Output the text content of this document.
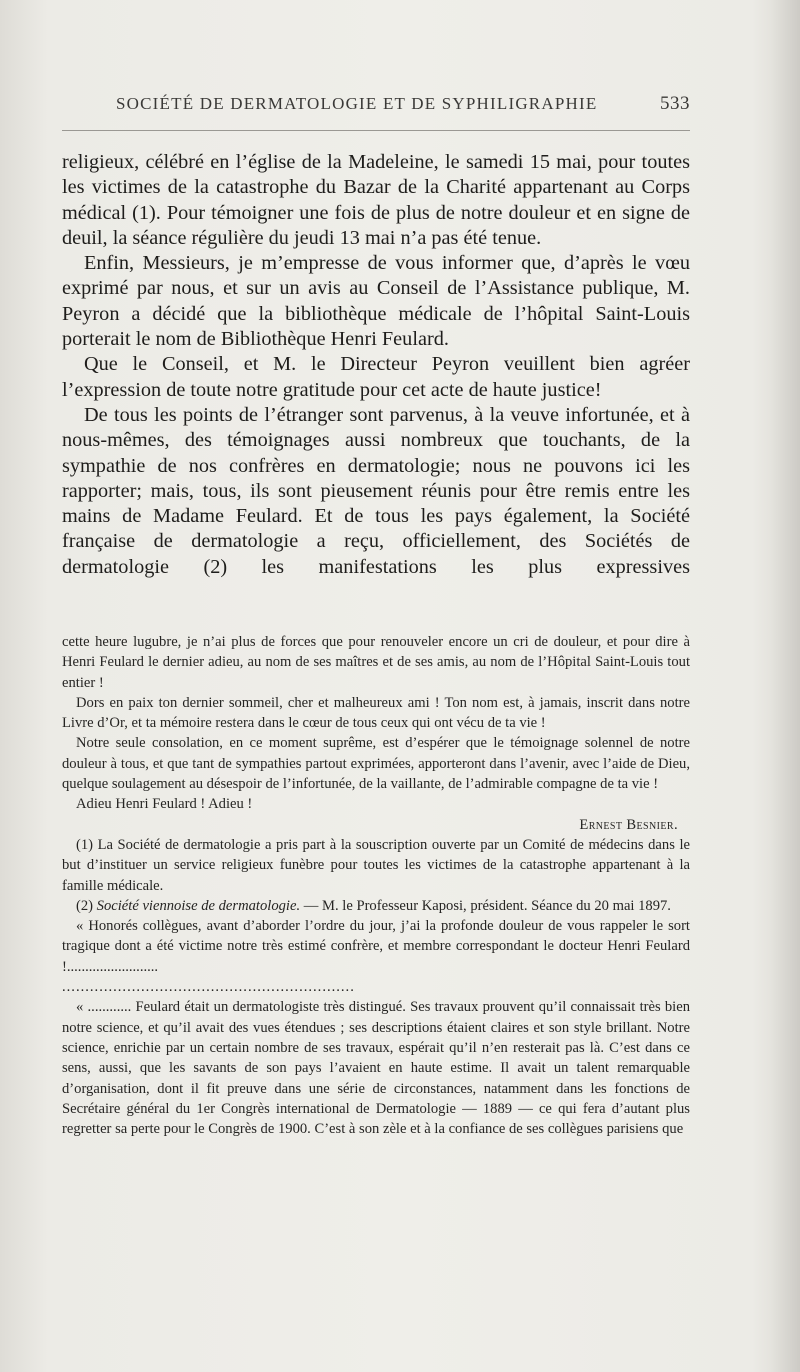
SOCIÉTÉ DE DERMATOLOGIE ET DE SYPHILIGRAPHIE	533

religieux, célébré en l’église de la Madeleine, le samedi 15 mai, pour toutes les victimes de la catastrophe du Bazar de la Charité appartenant au Corps médical (1). Pour témoigner une fois de plus de notre douleur et en signe de deuil, la séance régulière du jeudi 13 mai n’a pas été tenue.

Enfin, Messieurs, je m’empresse de vous informer que, d’après le vœu exprimé par nous, et sur un avis au Conseil de l’Assistance publique, M. Peyron a décidé que la bibliothèque médicale de l’hôpital Saint-Louis porterait le nom de Bibliothèque Henri Feulard.

Que le Conseil, et M. le Directeur Peyron veuillent bien agréer l’expression de toute notre gratitude pour cet acte de haute justice!

De tous les points de l’étranger sont parvenus, à la veuve infortunée, et à nous-mêmes, des témoignages aussi nombreux que touchants, de la sympathie de nos confrères en dermatologie; nous ne pouvons ici les rapporter; mais, tous, ils sont pieusement réunis pour être remis entre les mains de Madame Feulard. Et de tous les pays également, la Société française de dermatologie a reçu, officiellement, des Sociétés de dermatologie (2) les manifestations les plus expressives

cette heure lugubre, je n’ai plus de forces que pour renouveler encore un cri de douleur, et pour dire à Henri Feulard le dernier adieu, au nom de ses maîtres et de ses amis, au nom de l’Hôpital Saint-Louis tout entier !

Dors en paix ton dernier sommeil, cher et malheureux ami ! Ton nom est, à jamais, inscrit dans notre Livre d’Or, et ta mémoire restera dans le cœur de tous ceux qui ont vécu de ta vie !

Notre seule consolation, en ce moment suprême, est d’espérer que le témoignage solennel de notre douleur à tous, et que tant de sympathies partout exprimées, apporteront dans l’avenir, avec l’aide de Dieu, quelque soulagement au désespoir de l’infortunée, de la vaillante, de l’admirable compagne de ta vie !

Adieu Henri Feulard ! Adieu !

Ernest Besnier.

(1) La Société de dermatologie a pris part à la souscription ouverte par un Comité de médecins dans le but d’instituer un service religieux funèbre pour toutes les victimes de la catastrophe appartenant à la famille médicale.

(2) Société viennoise de dermatologie. — M. le Professeur Kaposi, président. Séance du 20 mai 1897.

« Honorés collègues, avant d’aborder l’ordre du jour, j’ai la profonde douleur de vous rappeler le sort tragique dont a été victime notre très estimé confrère, et membre correspondant le docteur Henri Feulard !.........................

...............................................................

« ............ Feulard était un dermatologiste très distingué. Ses travaux prouvent qu’il connaissait très bien notre science, et qu’il avait des vues étendues ; ses descriptions étaient claires et son style brillant. Notre science, enrichie par un certain nombre de ses travaux, espérait qu’il n’en resterait pas là. C’est dans ce sens, aussi, que les savants de son pays l’avaient en haute estime. Il avait un talent remarquable d’organisation, dont il fit preuve dans une série de circonstances, natamment dans les fonctions de Secrétaire général du 1er Congrès international de Dermatologie — 1889 — ce qui fera d’autant plus regretter sa perte pour le Congrès de 1900. C’est à son zèle et à la confiance de ses collègues parisiens que
